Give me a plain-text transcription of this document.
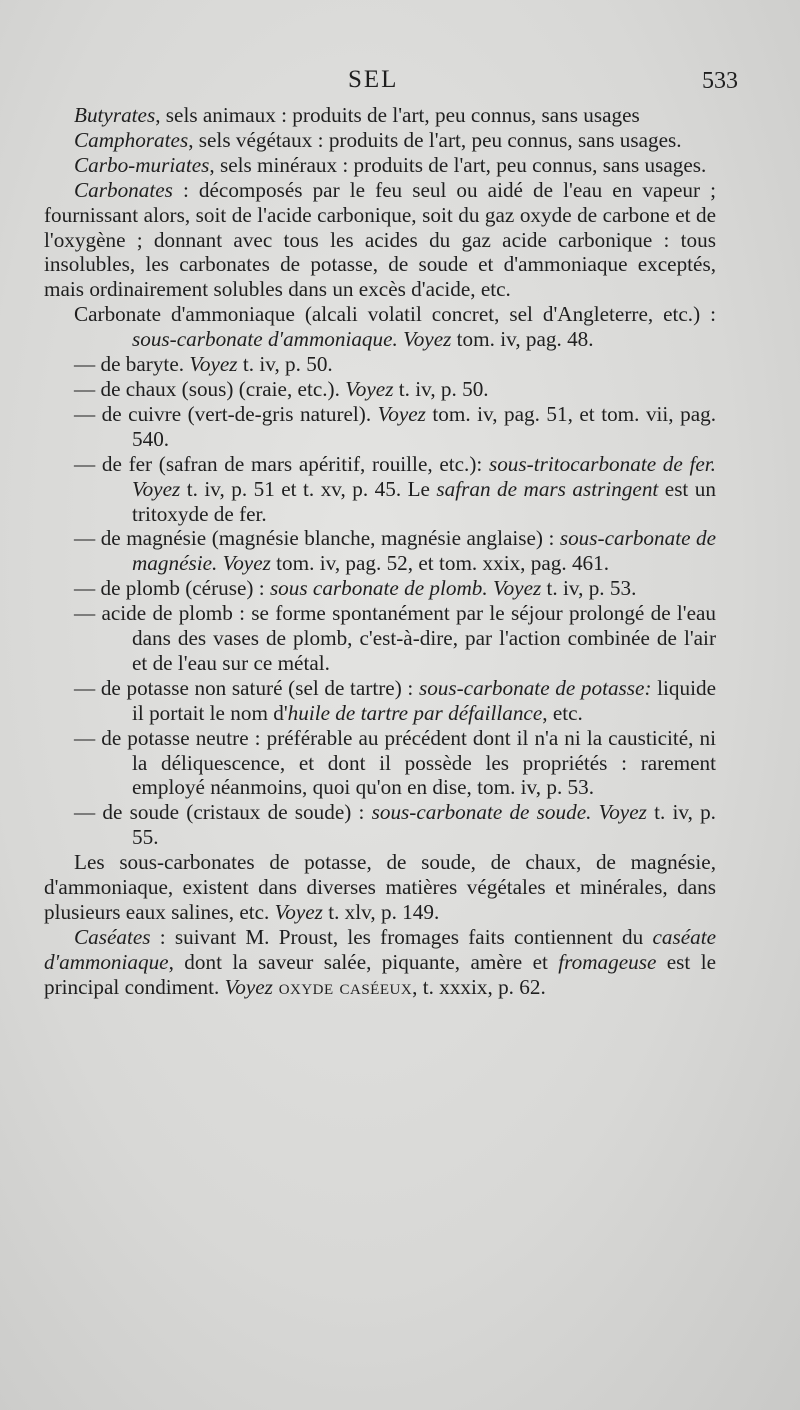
SEL	533

Butyrates, sels animaux : produits de l'art, peu connus, sans usages

Camphorates, sels végétaux : produits de l'art, peu connus, sans usages.

Carbo-muriates, sels minéraux : produits de l'art, peu connus, sans usages.

Carbonates : décomposés par le feu seul ou aidé de l'eau en vapeur ; fournissant alors, soit de l'acide carbonique, soit du gaz oxyde de carbone et de l'oxygène ; donnant avec tous les acides du gaz acide carbonique : tous insolubles, les carbonates de potasse, de soude et d'ammoniaque exceptés, mais ordinairement solubles dans un excès d'acide, etc.

Carbonate d'ammoniaque (alcali volatil concret, sel d'Angleterre, etc.) : sous-carbonate d'ammoniaque. Voyez tom. iv, pag. 48.

— de baryte. Voyez t. iv, p. 50.

— de chaux (sous) (craie, etc.). Voyez t. iv, p. 50.

— de cuivre (vert-de-gris naturel). Voyez tom. iv, pag. 51, et tom. vii, pag. 540.

— de fer (safran de mars apéritif, rouille, etc.): sous-tritocarbonate de fer. Voyez t. iv, p. 51 et t. xv, p. 45. Le safran de mars astringent est un tritoxyde de fer.

— de magnésie (magnésie blanche, magnésie anglaise) : sous-carbonate de magnésie. Voyez tom. iv, pag. 52, et tom. xxix, pag. 461.

— de plomb (céruse) : sous carbonate de plomb. Voyez t. iv, p. 53.

— acide de plomb : se forme spontanément par le séjour prolongé de l'eau dans des vases de plomb, c'est-à-dire, par l'action combinée de l'air et de l'eau sur ce métal.

— de potasse non saturé (sel de tartre) : sous-carbonate de potasse: liquide il portait le nom d'huile de tartre par défaillance, etc.

— de potasse neutre : préférable au précédent dont il n'a ni la causticité, ni la déliquescence, et dont il possède les propriétés : rarement employé néanmoins, quoi qu'on en dise, tom. iv, p. 53.

— de soude (cristaux de soude) : sous-carbonate de soude. Voyez t. iv, p. 55.

Les sous-carbonates de potasse, de soude, de chaux, de magnésie, d'ammoniaque, existent dans diverses matières végétales et minérales, dans plusieurs eaux salines, etc. Voyez t. xlv, p. 149.

Caséates : suivant M. Proust, les fromages faits contiennent du caséate d'ammoniaque, dont la saveur salée, piquante, amère et fromageuse est le principal condiment. Voyez oxyde caséeux, t. xxxix, p. 62.
